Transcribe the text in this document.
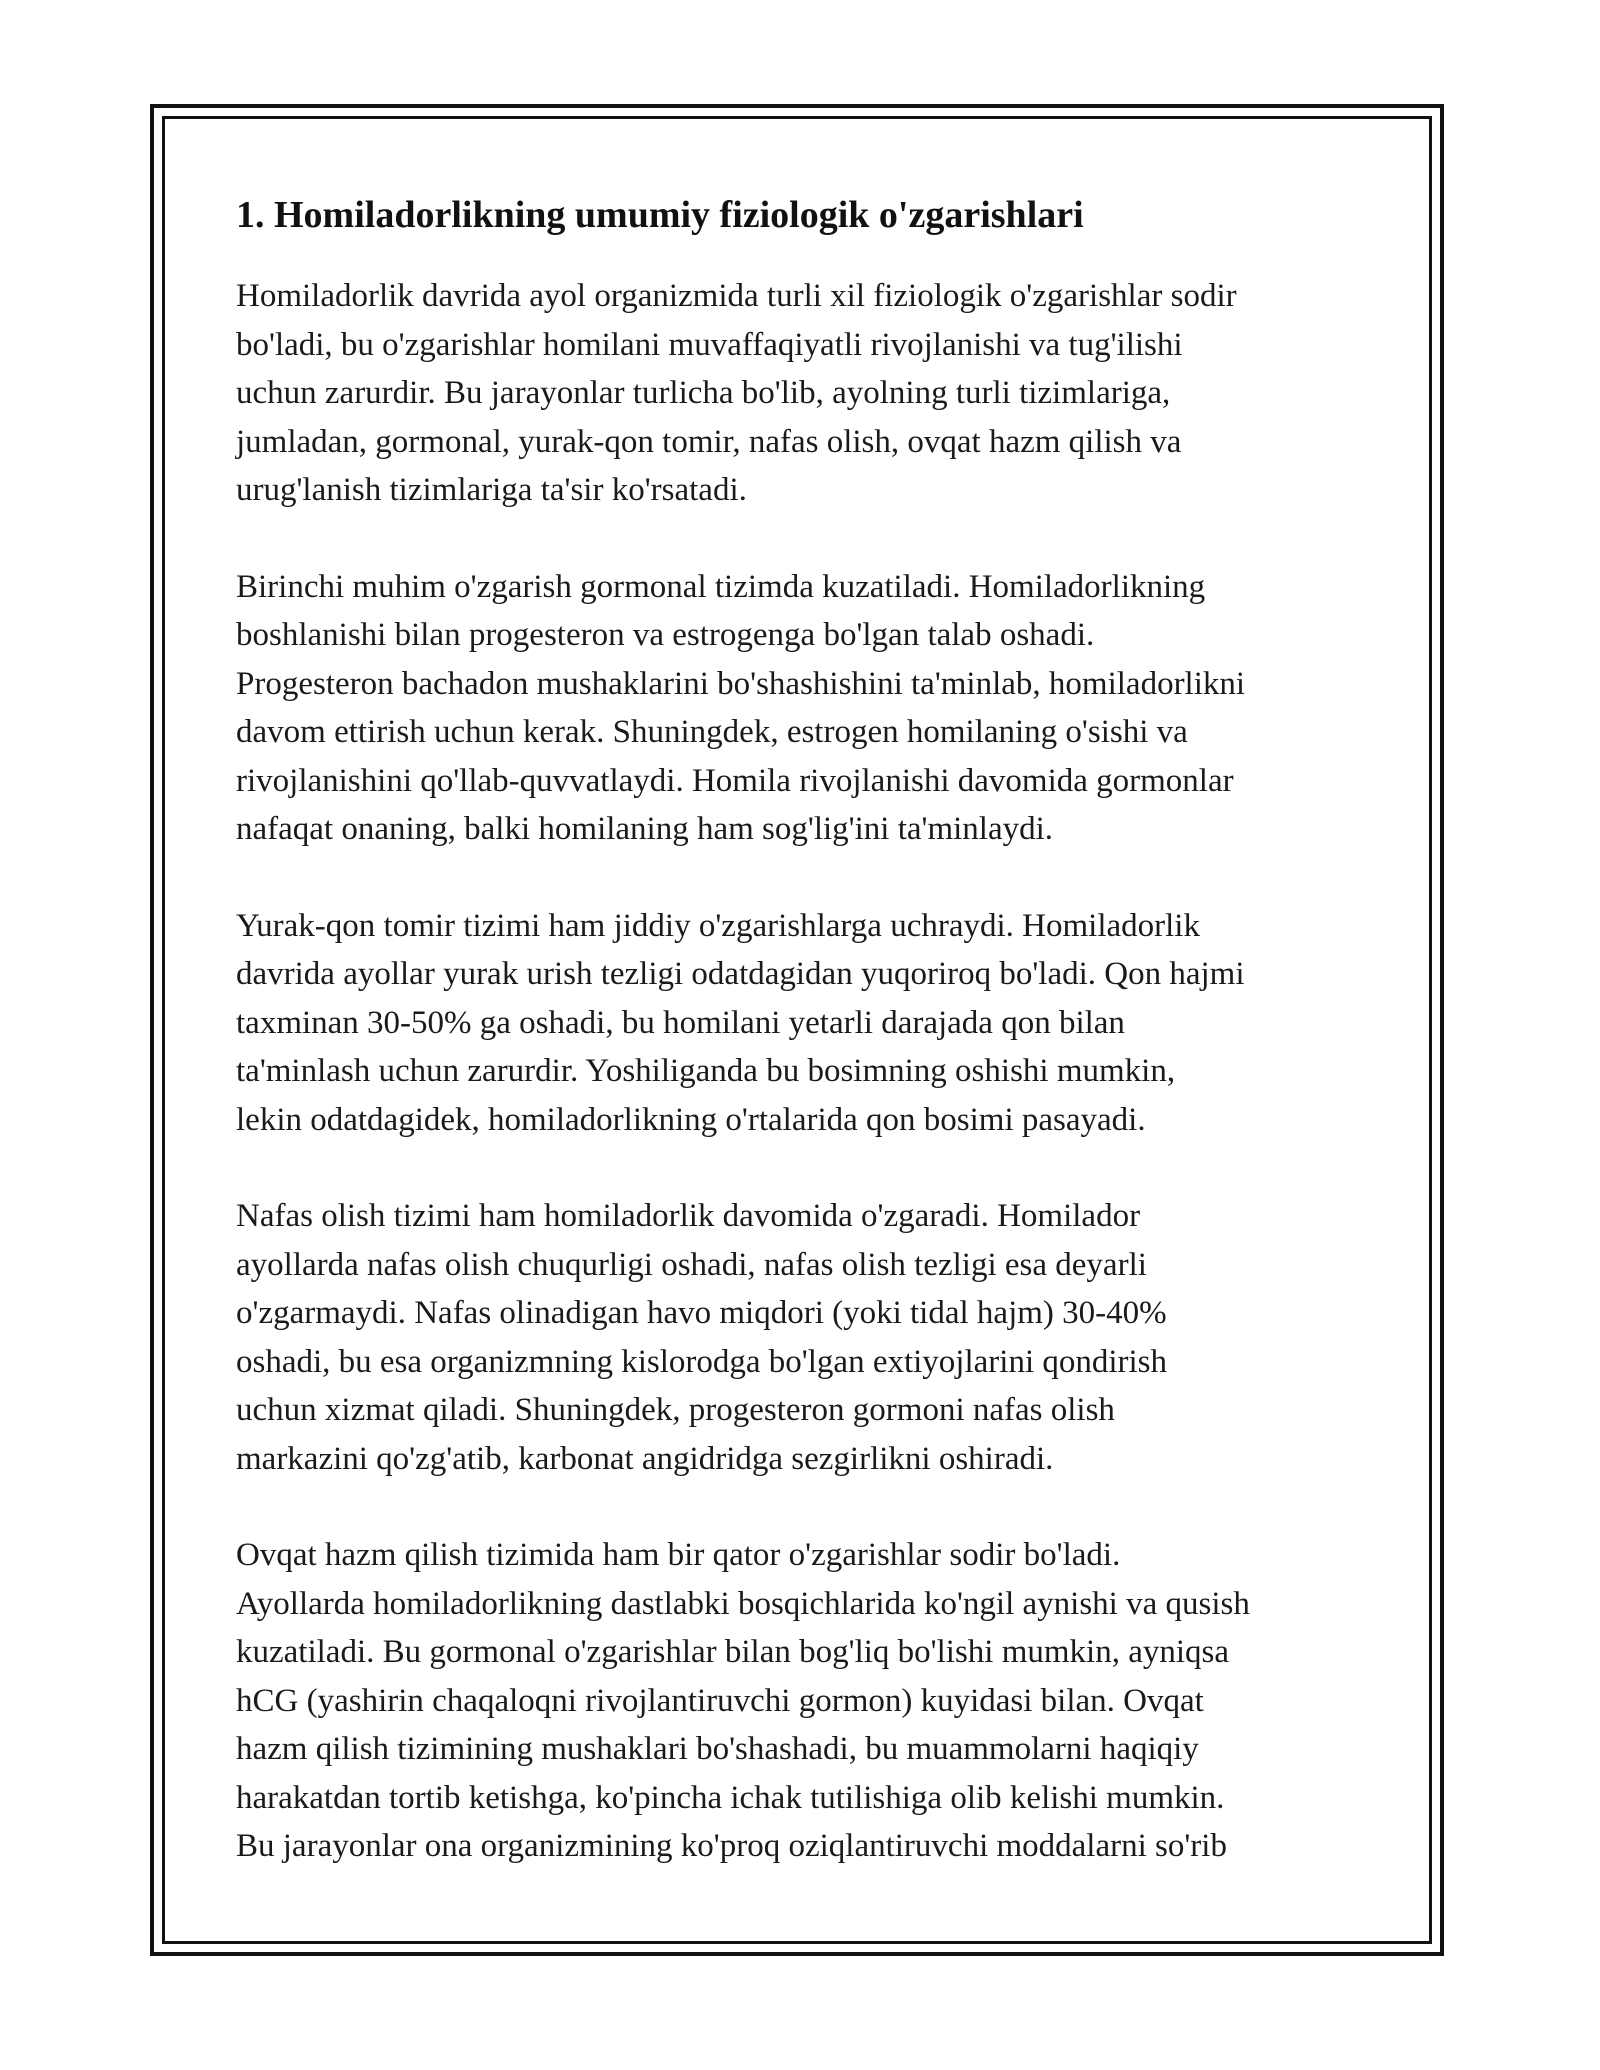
1. Homiladorlikning umumiy fiziologik o'zgarishlari

Homiladorlik davrida ayol organizmida turli xil fiziologik o'zgarishlar sodir
bo'ladi, bu o'zgarishlar homilani muvaffaqiyatli rivojlanishi va tug'ilishi
uchun zarurdir. Bu jarayonlar turlicha bo'lib, ayolning turli tizimlariga,
jumladan, gormonal, yurak-qon tomir, nafas olish, ovqat hazm qilish va
urug'lanish tizimlariga ta'sir ko'rsatadi.

Birinchi muhim o'zgarish gormonal tizimda kuzatiladi. Homiladorlikning
boshlanishi bilan progesteron va estrogenga bo'lgan talab oshadi.
Progesteron bachadon mushaklarini bo'shashishini ta'minlab, homiladorlikni
davom ettirish uchun kerak. Shuningdek, estrogen homilaning o'sishi va
rivojlanishini qo'llab-quvvatlaydi. Homila rivojlanishi davomida gormonlar
nafaqat onaning, balki homilaning ham sog'lig'ini ta'minlaydi.

Yurak-qon tomir tizimi ham jiddiy o'zgarishlarga uchraydi. Homiladorlik
davrida ayollar yurak urish tezligi odatdagidan yuqoriroq bo'ladi. Qon hajmi
taxminan 30-50% ga oshadi, bu homilani yetarli darajada qon bilan
ta'minlash uchun zarurdir. Yoshiliganda bu bosimning oshishi mumkin,
lekin odatdagidek, homiladorlikning o'rtalarida qon bosimi pasayadi.

Nafas olish tizimi ham homiladorlik davomida o'zgaradi. Homilador
ayollarda nafas olish chuqurligi oshadi, nafas olish tezligi esa deyarli
o'zgarmaydi. Nafas olinadigan havo miqdori (yoki tidal hajm) 30-40%
oshadi, bu esa organizmning kislorodga bo'lgan extiyojlarini qondirish
uchun xizmat qiladi. Shuningdek, progesteron gormoni nafas olish
markazini qo'zg'atib, karbonat angidridga sezgirlikni oshiradi.

Ovqat hazm qilish tizimida ham bir qator o'zgarishlar sodir bo'ladi.
Ayollarda homiladorlikning dastlabki bosqichlarida ko'ngil aynishi va qusish
kuzatiladi. Bu gormonal o'zgarishlar bilan bog'liq bo'lishi mumkin, ayniqsa
hCG (yashirin chaqaloqni rivojlantiruvchi gormon) kuyidasi bilan. Ovqat
hazm qilish tizimining mushaklari bo'shashadi, bu muammolarni haqiqiy
harakatdan tortib ketishga, ko'pincha ichak tutilishiga olib kelishi mumkin.
Bu jarayonlar ona organizmining ko'proq oziqlantiruvchi moddalarni so'rib
